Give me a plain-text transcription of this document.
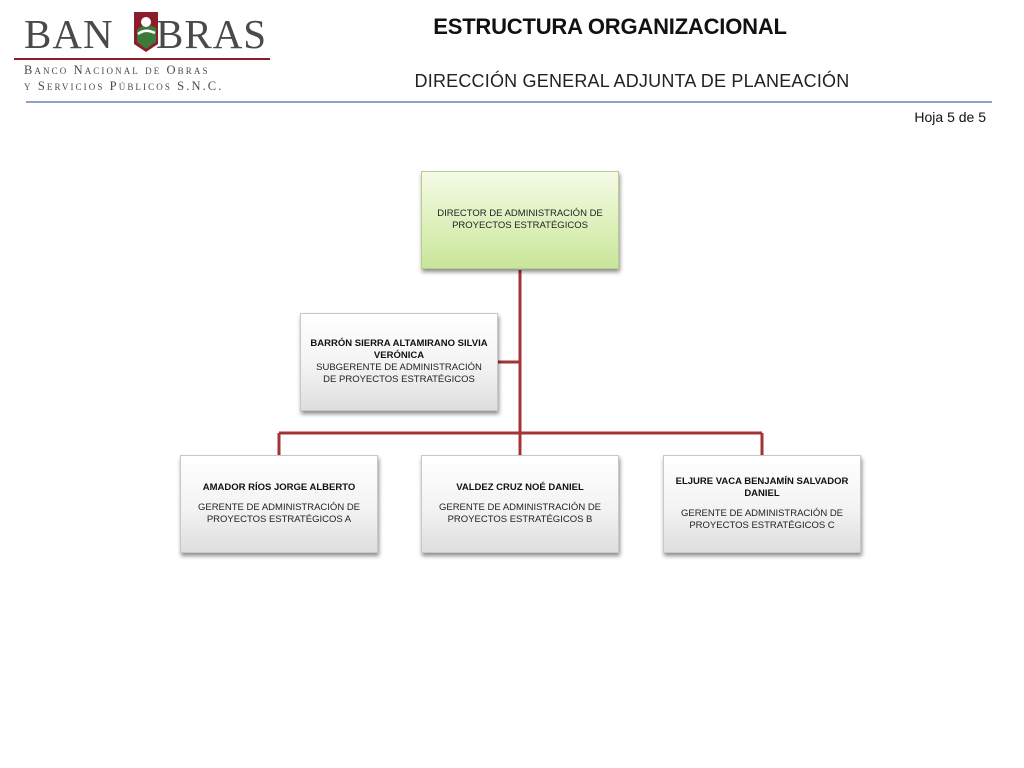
BAN BRAS
Banco Nacional de Obras
y Servicios Públicos S.N.C.
ESTRUCTURA ORGANIZACIONAL
DIRECCIÓN GENERAL ADJUNTA DE PLANEACIÓN
Hoja 5 de 5
DIRECTOR DE ADMINISTRACIÓN DE PROYECTOS ESTRATÉGICOS
BARRÓN SIERRA ALTAMIRANO SILVIA VERÓNICA
SUBGERENTE DE ADMINISTRACIÓN DE PROYECTOS ESTRATÉGICOS
AMADOR RÍOS JORGE ALBERTO
GERENTE DE ADMINISTRACIÓN DE PROYECTOS ESTRATÉGICOS A
VALDEZ CRUZ NOÉ DANIEL
GERENTE DE ADMINISTRACIÓN DE PROYECTOS ESTRATÉGICOS B
ELJURE VACA BENJAMÍN SALVADOR DANIEL
GERENTE DE ADMINISTRACIÓN DE PROYECTOS ESTRATÉGICOS C
